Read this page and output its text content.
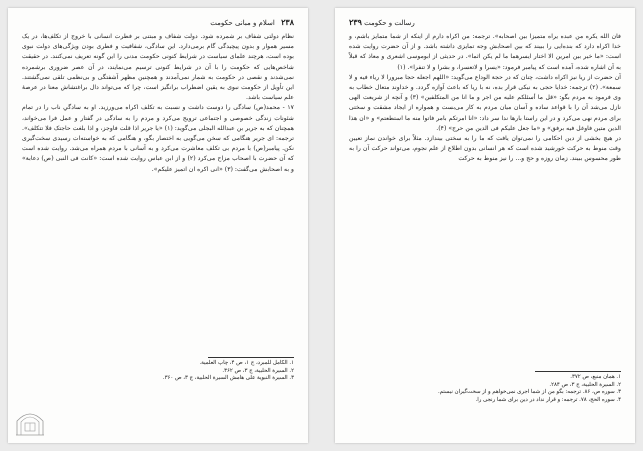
۲۳۸ اسلام و مبانی حکومت

نظام دولتی شفاف بر شمرده شود. دولت شفاف و مبتنی بر فطرت انسانی با خروج از تکلف‌ها، در یک مسیر هموار و بدون پیچیدگی گام برمی‌دارد. این سادگی، شفافیت و فطری بودن ویژگی‌های دولت نبوی بوده است، هرچند علمای سیاست در شرایط کنونی حکومت مدنی را این گونه تعریف نمی‌کنند. در حقیقت شاخص‌هایی که حکومت را با آن در شرایط کنونی ترسیم می‌نمایند، در آن عصر ضروری برشمرده نمی‌شدند و نقصی در حکومت به شمار نمی‌آمدند و همچنین مظهر آشفتگی و بی‌نظمی تلقی نمی‌گشتند. این تأویل از حکومت نبوی به یقین اضطراب برانگیز است، چرا که می‌تواند دال براغتشاش معنا در عرصهٔ علم سیاست باشد.

۱۷ - محمد(ص) سادگی را دوست داشت و نسبت به تکلف اکراه می‌ورزید. او به سادگیِ ناب را در تمام شئونات زندگی خصوصی و اجتماعی ترویج می‌کرد و مردم را به سادگی در گفتار و عمل فرا می‌خواند، همچنان که به جریر بن عبدالله البجلی می‌گوید: (۱) «یا جریر اذا قلت فاوجز، و اذا بلغت حاجتک فلا تتکلف». ترجمه: ای جریر هنگامی که سخن می‌گویی به اختصار بگو، و هنگامی که به خواسته‌ات رسیدی سخت‌گیری نکن. پیامبر(ص) با مردم بی تکلف معاشرت می‌کرد و به آسانی با مردم همراه می‌شد. روایت شده است که آن حضرت با اصحاب مزاح می‌کرد (۲) و از ابن عباس روایت شده است: «کانت فی النبی (ص) دعابة» و به اصحابش می‌گفت: (۳) «انی اکره ان اتمیز علیکم».

۱. الکامل للمبرد، ج ۱، ص ۴، چاپ العلمیة.

۲. السیرة الحلبیة، ج ۳، ص ۳۶۲.

۳. السیرة النبویة علی هامش السیرة الحلبیة، ج ۳، ص ۳۶۰.

رسالت و حکومت ۲۳۹

فان الله یکره من عبده یراه متمیزا بین اصحابه». ترجمه: من اکراه دارم از اینکه از شما متمایز باشم، و خدا اکراه دارد که بنده‌ایی را ببیند که بین اصحابش وجه تمایزی داشته باشد. و از آن حضرت روایت شده است: «ما خیر بین امرین الا اختار ایسرهما ما لم یکن اثما». در حدیثی از ابوموسی اشعری و معاذ که قبلاً به آن اشاره شده، آمده است که پیامبر فرمود: «یسرا و لاتعسرا، و بشرا و لا تنفرا». (۱)

آن حضرت از ریا نیز اکراه داشت، چنان که در حجة الوداع می‌گوید: «اللهم اجعله حجا مبرورا لا ریاء فیه و لا سمعة». (۲) ترجمه: خدایا حجی به نیکی قرار بده، نه با ریا که باعث آوازه گردد. و خداوند متعال خطاب به وی فرمود به مردم بگو: «قل ما أسئلکم علیه من اجر و ما انا من المتکلفین» (۳) و آنچه از شریعت الهی نازل می‌شد آن را با قواعد ساده و آسان میان مردم به کار می‌بست و همواره از ایجاد مشقت و سختی برای مردم نهی می‌کرد و در این راستا بارها ندا سر داد: «انا امرتکم بامر فاتوا منه ما استطعتم» و «ان هذا الدین متین فاوغل فیه برفق» و «ما جعل علیکم فی الدین من حرج» (۴).

در هیچ بخشی از دین احکامی را نمی‌توان یافت که ما را به سختی بیندازد. مثلاً برای خواندن نماز تعیین وقت منوط به حرکت خورشید شده است که هر انسانی بدون اطلاع از علم نجوم، می‌تواند حرکت آن را به طور محسوس ببیند. زمان روزه و حج و... را نیز منوط به حرکت

۱. همان منبع، ص ۳۷۲.

۲. السیرة الحلبیة، ج ۳، ص ۲۸۴.

۳. سوره ص، ۸۶. ترجمه: بگو من از شما اجری نمی‌خواهم و از سخت‌گیران نیستم.

۴. سوره الحج، ۷۸. ترجمه: و قرار نداد در دین برای شما رنجی را.
